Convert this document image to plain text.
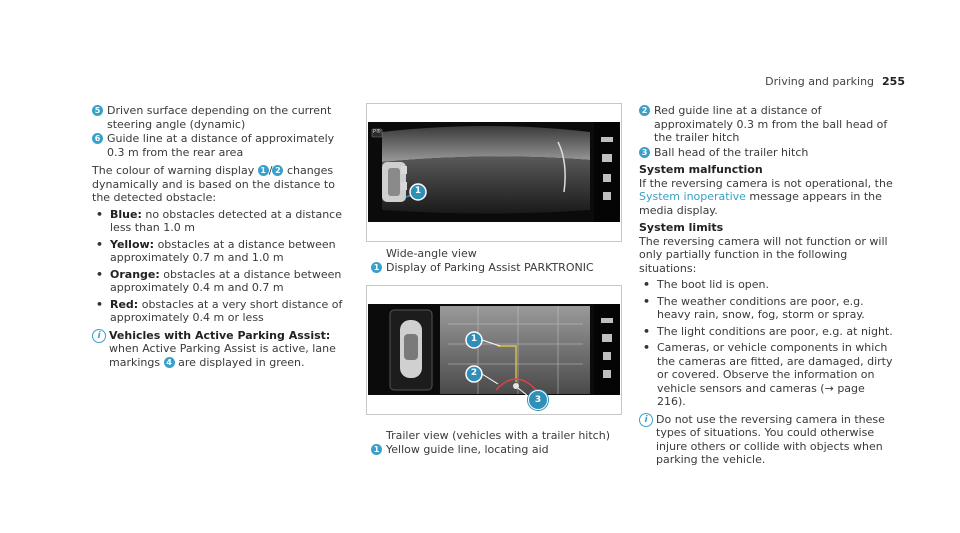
Driving and parking 255
5 Driven surface depending on the current steering angle (dynamic)
6 Guide line at a distance of approximately 0.3 m from the rear area

The colour of warning display 1 / 2 changes dynamically and is based on the distance to the detected obstacle:

• Blue: no obstacles detected at a distance less than 1.0 m
• Yellow: obstacles at a distance between approximately 0.7 m and 1.0 m
• Orange: obstacles at a distance between approximately 0.4 m and 0.7 m
• Red: obstacles at a very short distance of approximately 0.4 m or less
i Vehicles with Active Parking Assist: when Active Parking Assist is active, lane markings 4 are displayed in green.
P®
1

Wide-angle view

1 Display of Parking Assist PARKTRONIC
1
2
3

Trailer view (vehicles with a trailer hitch)

1 Yellow guide line, locating aid
2 Red guide line at a distance of approximately 0.3 m from the ball head of the trailer hitch
3 Ball head of the trailer hitch

System malfunction

If the reversing camera is not operational, the System inoperative message appears in the media display.

System limits

The reversing camera will not function or will only partially function in the following situations:

• The boot lid is open.
• The weather conditions are poor, e.g. heavy rain, snow, fog, storm or spray.
• The light conditions are poor, e.g. at night.
• Cameras, or vehicle components in which the cameras are fitted, are damaged, dirty or covered. Observe the information on vehicle sensors and cameras (→ page 216).
i Do not use the reversing camera in these types of situations. You could otherwise injure others or collide with objects when parking the vehicle.
